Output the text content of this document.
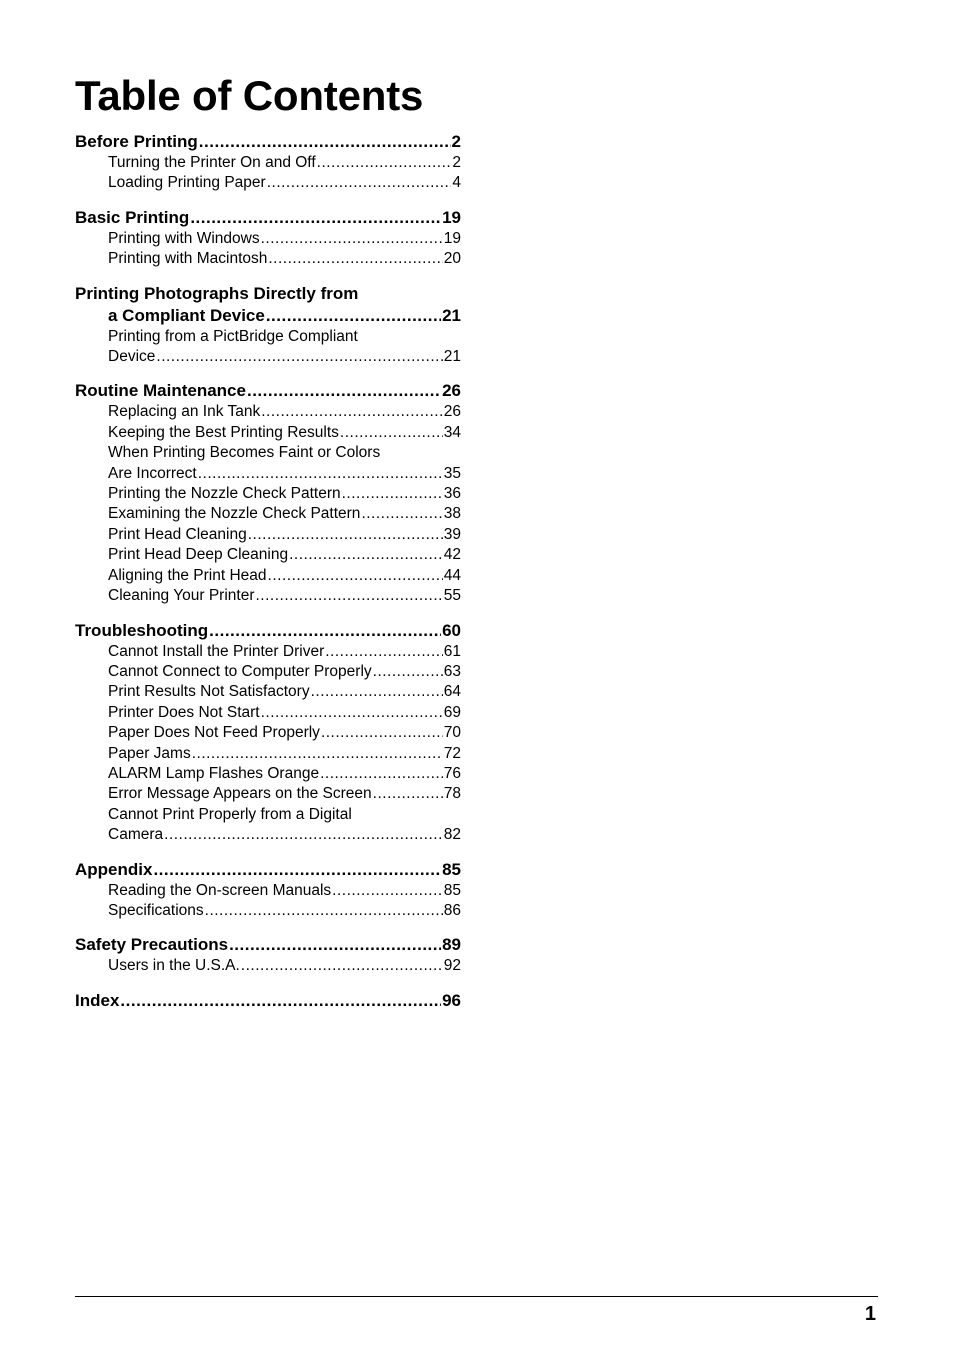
Table of Contents
Before Printing .....	2
Turning the Printer On and Off .....	2
Loading Printing Paper .....	4
Basic Printing .....	19
Printing with Windows .....	19
Printing with Macintosh .....	20
Printing Photographs Directly from
a Compliant Device .....	21
Printing from a PictBridge Compliant
Device .....	21
Routine Maintenance .....	26
Replacing an Ink Tank .....	26
Keeping the Best Printing Results .....	34
When Printing Becomes Faint or Colors
Are Incorrect .....	35
Printing the Nozzle Check Pattern .....	36
Examining the Nozzle Check Pattern .....	38
Print Head Cleaning .....	39
Print Head Deep Cleaning .....	42
Aligning the Print Head .....	44
Cleaning Your Printer .....	55
Troubleshooting .....	60
Cannot Install the Printer Driver .....	61
Cannot Connect to Computer Properly .....	63
Print Results Not Satisfactory .....	64
Printer Does Not Start .....	69
Paper Does Not Feed Properly .....	70
Paper Jams .....	72
ALARM Lamp Flashes Orange .....	76
Error Message Appears on the Screen .....	78
Cannot Print Properly from a Digital
Camera .....	82
Appendix .....	85
Reading the On-screen Manuals .....	85
Specifications .....	86
Safety Precautions .....	89
Users in the U.S.A. .....	92
Index .....	96
1
